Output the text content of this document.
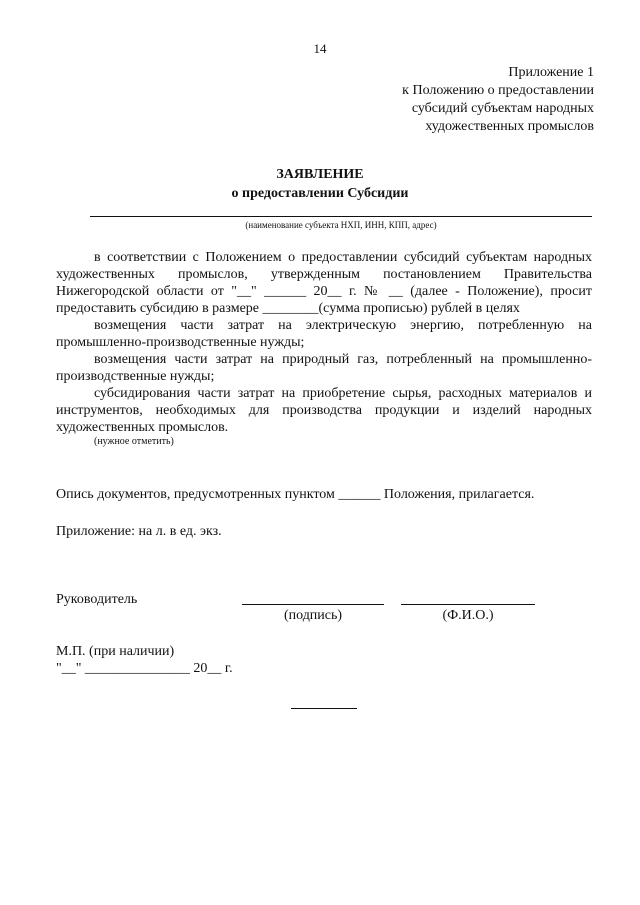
14
Приложение 1
к Положению о предоставлении
субсидий субъектам народных
художественных промыслов
ЗАЯВЛЕНИЕ
о предоставлении Субсидии
(наименование субъекта НХП, ИНН, КПП, адрес)

в соответствии с Положением о предоставлении субсидий субъектам народных художественных промыслов, утвержденным постановлением Правительства Нижегородской области от "__" ______ 20__ г. № __ (далее - Положение), просит предоставить субсидию в размере ________(сумма прописью) рублей в целях

возмещения части затрат на электрическую энергию, потребленную на промышленно-производственные нужды;

возмещения части затрат на природный газ, потребленный на промышленно-производственные нужды;

субсидирования части затрат на приобретение сырья, расходных материалов и инструментов, необходимых для производства продукции и изделий народных художественных промыслов.

(нужное отметить)

Опись документов, предусмотренных пунктом ______ Положения, прилагается.
Приложение: на л. в ед. экз.
Руководитель
(подпись)	(Ф.И.О.)
М.П. (при наличии)
"__" _______________ 20__ г.
